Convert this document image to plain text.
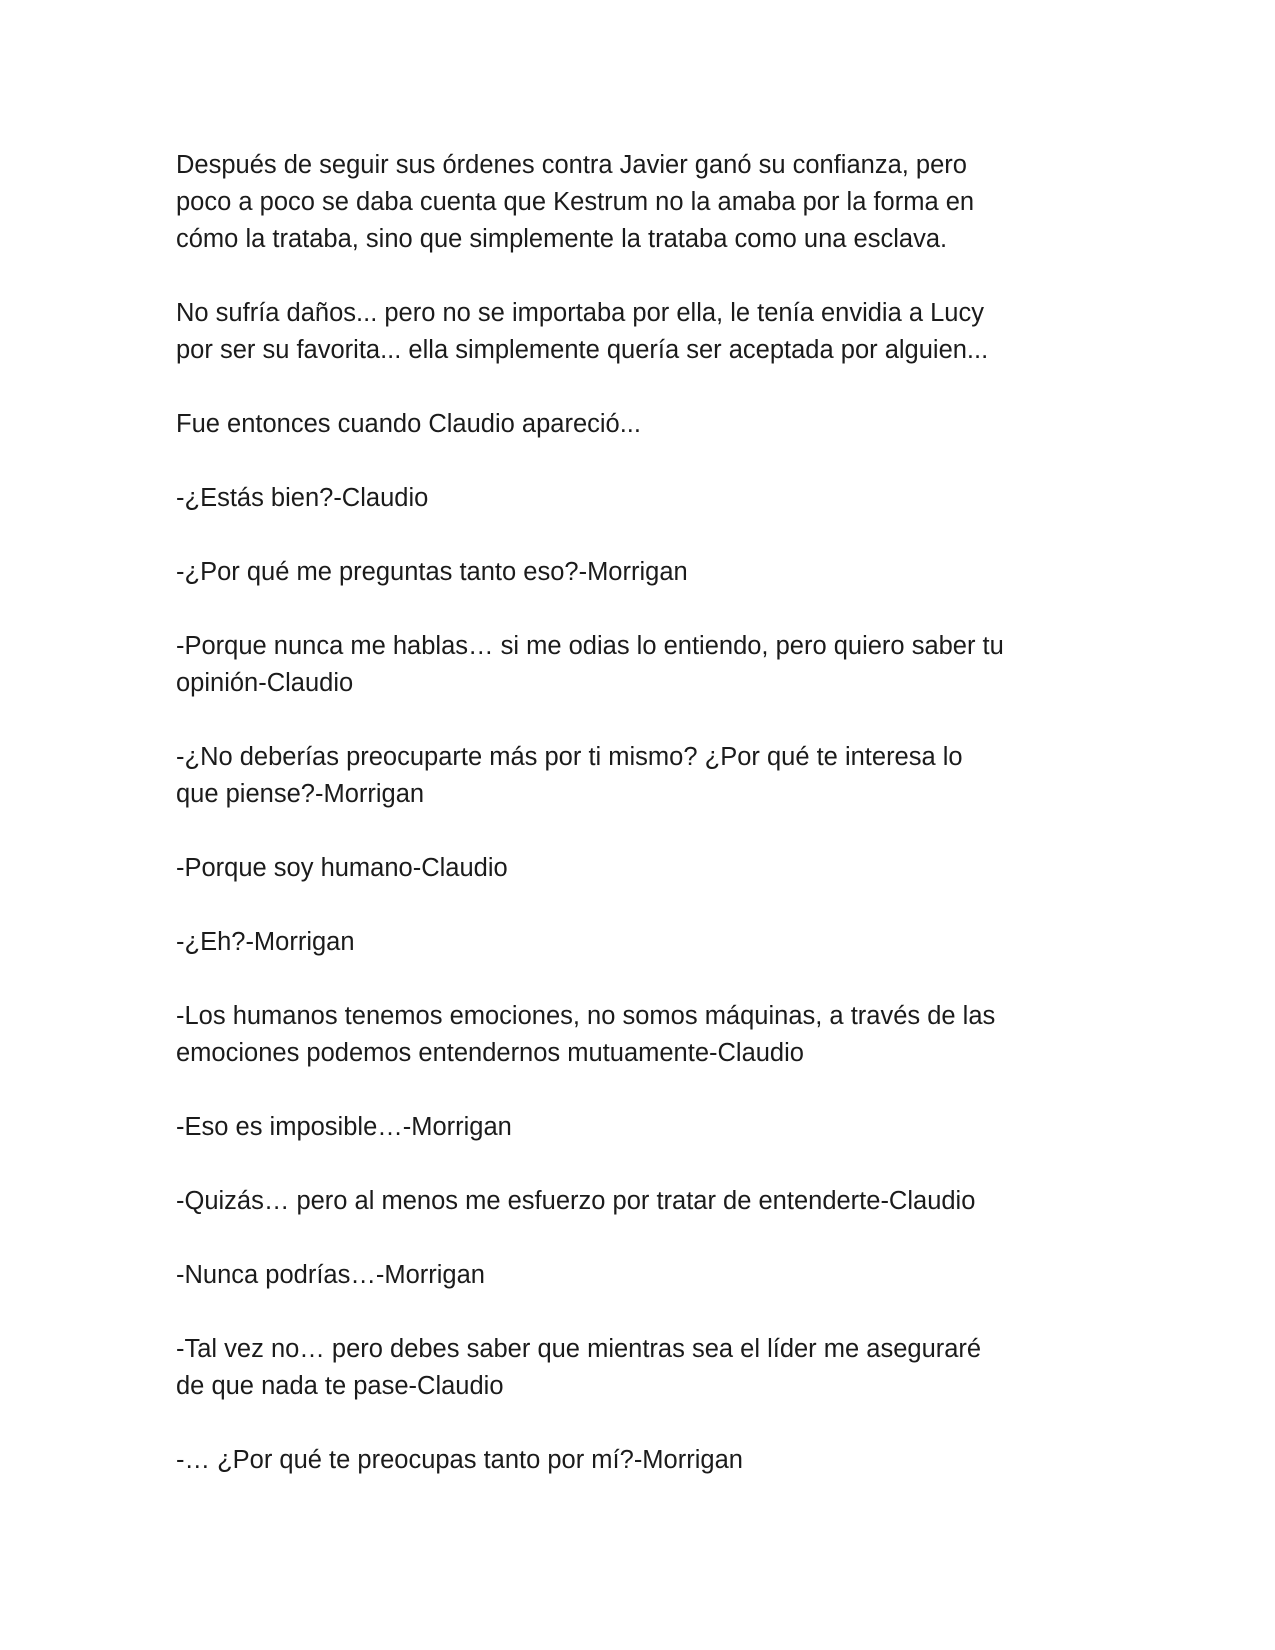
Después de seguir sus órdenes contra Javier ganó su confianza, pero
poco a poco se daba cuenta que Kestrum no la amaba por la forma en
cómo la trataba, sino que simplemente la trataba como una esclava.

No sufría daños... pero no se importaba por ella, le tenía envidia a Lucy
por ser su favorita... ella simplemente quería ser aceptada por alguien...

Fue entonces cuando Claudio apareció...

-¿Estás bien?-Claudio

-¿Por qué me preguntas tanto eso?-Morrigan

-Porque nunca me hablas… si me odias lo entiendo, pero quiero saber tu
opinión-Claudio

-¿No deberías preocuparte más por ti mismo? ¿Por qué te interesa lo
que piense?-Morrigan

-Porque soy humano-Claudio

-¿Eh?-Morrigan

-Los humanos tenemos emociones, no somos máquinas, a través de las
emociones podemos entendernos mutuamente-Claudio

-Eso es imposible…-Morrigan

-Quizás… pero al menos me esfuerzo por tratar de entenderte-Claudio

-Nunca podrías…-Morrigan

-Tal vez no… pero debes saber que mientras sea el líder me aseguraré
de que nada te pase-Claudio

-… ¿Por qué te preocupas tanto por mí?-Morrigan
